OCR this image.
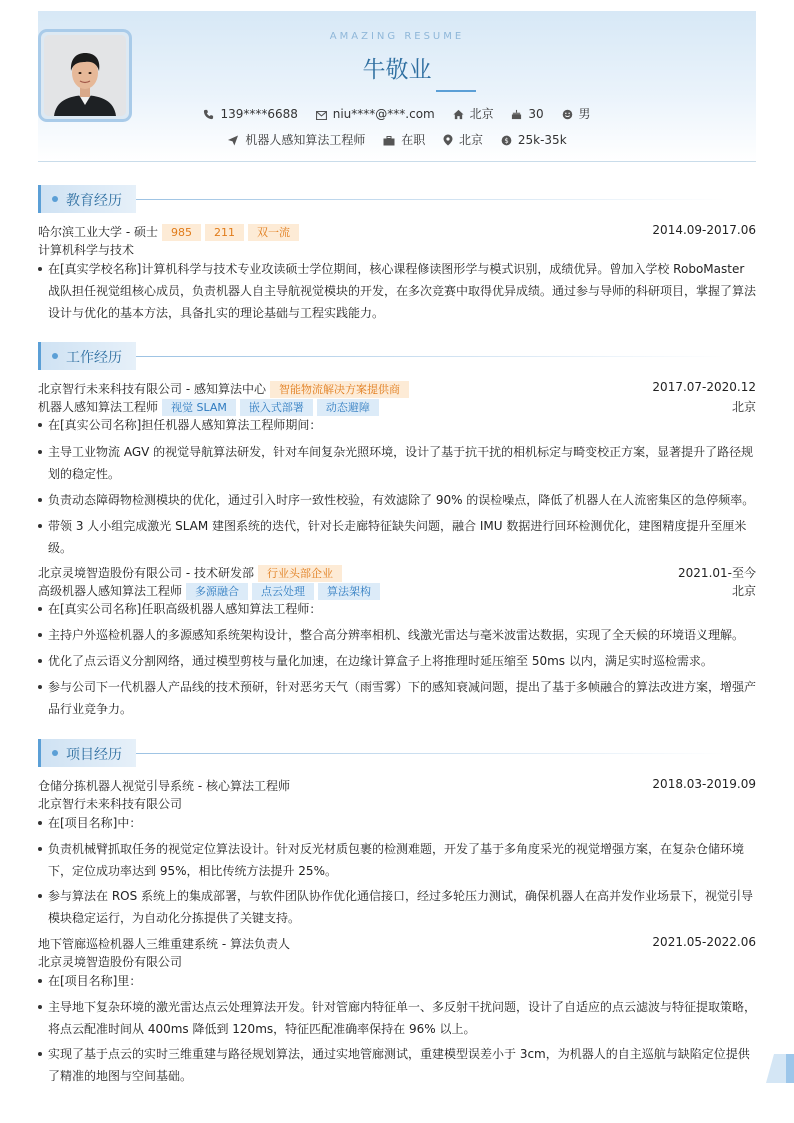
AMAZING RESUME
牛敬业
139****6688	niu****@***.com	北京	30	男
机器人感知算法工程师	在职	北京	$ 25k-35k
教育经历
哈尔滨工业大学 - 硕士 985 211 双一流	2014.09-2017.06
计算机科学与技术
在[真实学校名称]计算机科学与技术专业攻读硕士学位期间，核心课程修读图形学与模式识别，成绩优异。曾加入学校 RoboMaster 战队担任视觉组核心成员，负责机器人自主导航视觉模块的开发，在多次竞赛中取得优异成绩。通过参与导师的科研项目，掌握了算法设计与优化的基本方法，具备扎实的理论基础与工程实践能力。
工作经历
北京智行未来科技有限公司 - 感知算法中心 智能物流解决方案提供商	2017.07-2020.12
机器人感知算法工程师 视觉 SLAM 嵌入式部署 动态避障	北京
在[真实公司名称]担任机器人感知算法工程师期间：
主导工业物流 AGV 的视觉导航算法研发，针对车间复杂光照环境，设计了基于抗干扰的相机标定与畸变校正方案，显著提升了路径规划的稳定性。
负责动态障碍物检测模块的优化，通过引入时序一致性校验，有效滤除了 90% 的误检噪点，降低了机器人在人流密集区的急停频率。
带领 3 人小组完成激光 SLAM 建图系统的迭代，针对长走廊特征缺失问题，融合 IMU 数据进行回环检测优化，建图精度提升至厘米级。
北京灵境智造股份有限公司 - 技术研发部 行业头部企业	2021.01-至今
高级机器人感知算法工程师 多源融合 点云处理 算法架构	北京
在[真实公司名称]任职高级机器人感知算法工程师：
主持户外巡检机器人的多源感知系统架构设计，整合高分辨率相机、线激光雷达与毫米波雷达数据，实现了全天候的环境语义理解。
优化了点云语义分割网络，通过模型剪枝与量化加速，在边缘计算盒子上将推理时延压缩至 50ms 以内，满足实时巡检需求。
参与公司下一代机器人产品线的技术预研，针对恶劣天气（雨雪雾）下的感知衰减问题，提出了基于多帧融合的算法改进方案，增强产品行业竞争力。
项目经历
仓储分拣机器人视觉引导系统 - 核心算法工程师	2018.03-2019.09
北京智行未来科技有限公司
在[项目名称]中：
负责机械臂抓取任务的视觉定位算法设计。针对反光材质包裹的检测难题，开发了基于多角度采光的视觉增强方案，在复杂仓储环境下，定位成功率达到 95%，相比传统方法提升 25%。
参与算法在 ROS 系统上的集成部署，与软件团队协作优化通信接口，经过多轮压力测试，确保机器人在高并发作业场景下，视觉引导模块稳定运行，为自动化分拣提供了关键支持。
地下管廊巡检机器人三维重建系统 - 算法负责人	2021.05-2022.06
北京灵境智造股份有限公司
在[项目名称]里：
主导地下复杂环境的激光雷达点云处理算法开发。针对管廊内特征单一、多反射干扰问题，设计了自适应的点云滤波与特征提取策略，将点云配准时间从 400ms 降低到 120ms，特征匹配准确率保持在 96% 以上。
实现了基于点云的实时三维重建与路径规划算法，通过实地管廊测试，重建模型误差小于 3cm，为机器人的自主巡航与缺陷定位提供了精准的地图与空间基础。
